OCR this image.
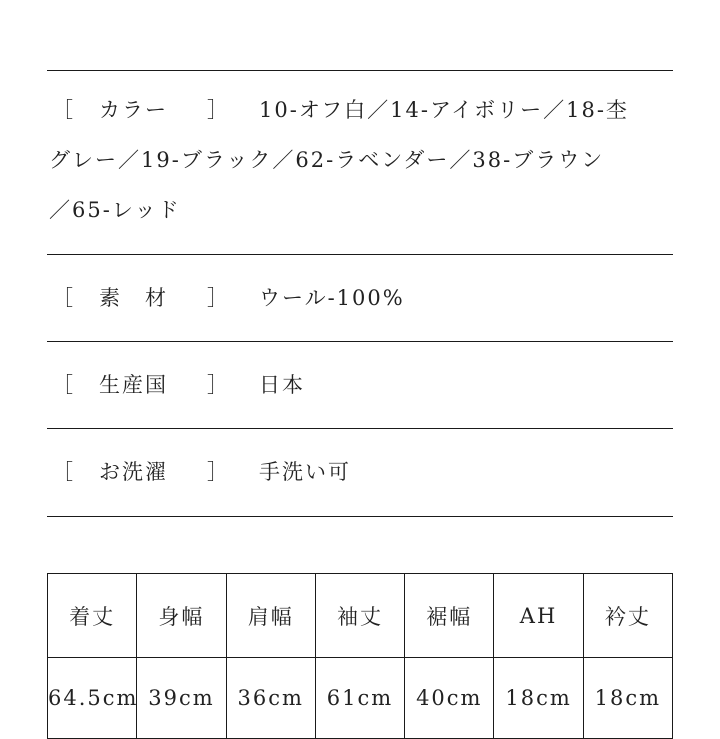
［ カラー ］ 10-オフ白／14-アイボリー／18-杢
グレー／19-ブラック／62-ラベンダー／38-ブラウン
／65-レッド
［ 素　材 ］ ウール-100%
［ 生産国 ］ 日本
［ お洗濯 ］ 手洗い可
着丈	身幅	肩幅	袖丈	裾幅	AH	衿丈
64.5cm	39cm	36cm	61cm	40cm	18cm	18cm
